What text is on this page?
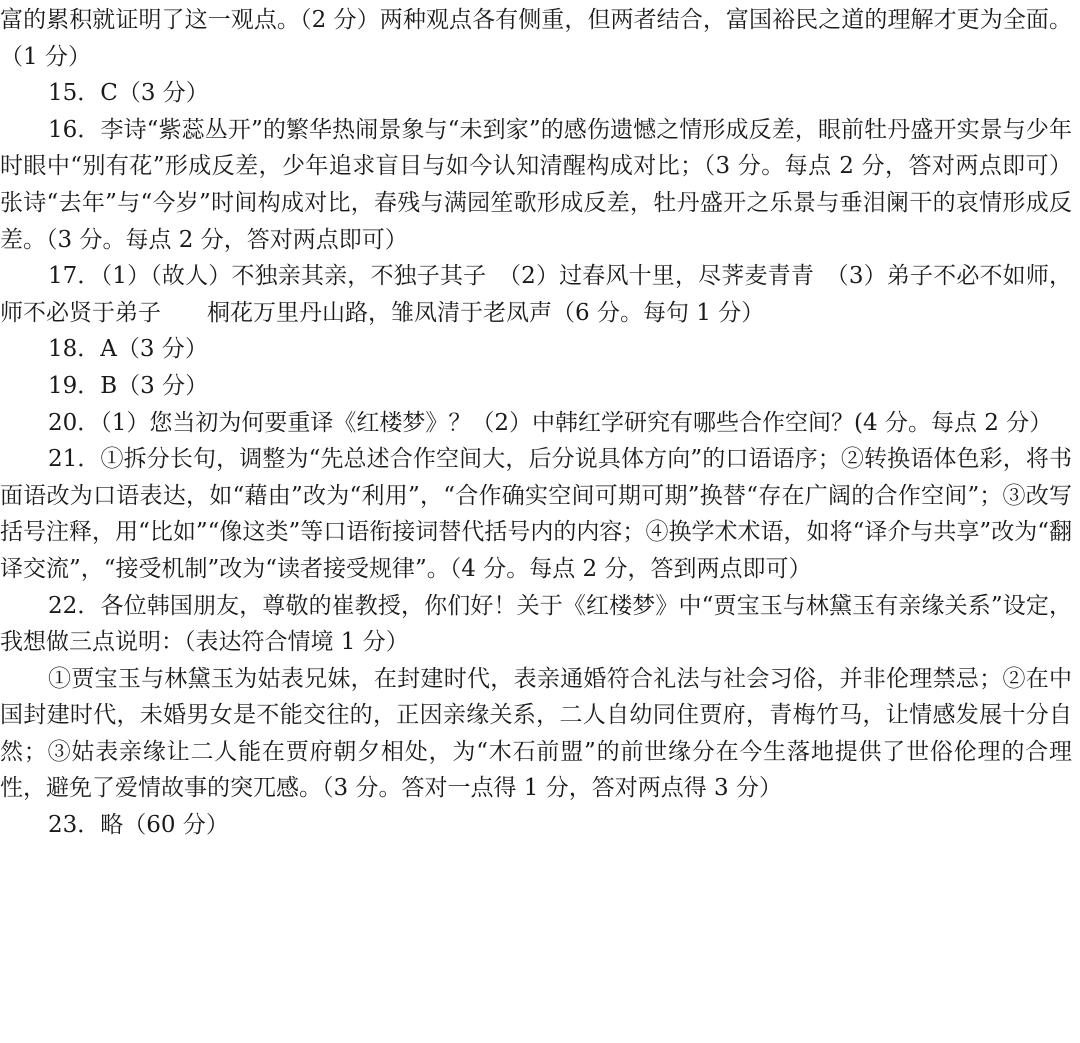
富的累积就证明了这一观点。（2 分）两种观点各有侧重，但两者结合，富国裕民之道的理解才更为全面。（1 分）

15．C（3 分）

16．李诗“紫蕊丛开”的繁华热闹景象与“未到家”的感伤遗憾之情形成反差，眼前牡丹盛开实景与少年时眼中“别有花”形成反差，少年追求盲目与如今认知清醒构成对比；（3 分。每点 2 分，答对两点即可）张诗“去年”与“今岁”时间构成对比，春残与满园笙歌形成反差，牡丹盛开之乐景与垂泪阑干的哀情形成反差。（3 分。每点 2 分，答对两点即可）

17．（1）（故人）不独亲其亲，不独子其子　（2）过春风十里，尽荠麦青青　（3）弟子不必不如师，师不必贤于弟子　　桐花万里丹山路，雏凤清于老凤声（6 分。每句 1 分）

18．A（3 分）

19．B（3 分）

20．（1）您当初为何要重译《红楼梦》？（2）中韩红学研究有哪些合作空间？(4 分。每点 2 分）

21．①拆分长句，调整为“先总述合作空间大，后分说具体方向”的口语语序；②转换语体色彩，将书面语改为口语表达，如“藉由”改为“利用”，“合作确实空间可期可期”换替“存在广阔的合作空间”；③改写括号注释，用“比如”“像这类”等口语衔接词替代括号内的内容；④换学术术语，如将“译介与共享”改为“翻译交流”，“接受机制”改为“读者接受规律”。（4 分。每点 2 分，答到两点即可）

22．各位韩国朋友，尊敬的崔教授，你们好！关于《红楼梦》中“贾宝玉与林黛玉有亲缘关系”设定，我想做三点说明：（表达符合情境 1 分）

①贾宝玉与林黛玉为姑表兄妹，在封建时代，表亲通婚符合礼法与社会习俗，并非伦理禁忌；②在中国封建时代，未婚男女是不能交往的，正因亲缘关系，二人自幼同住贾府，青梅竹马，让情感发展十分自然；③姑表亲缘让二人能在贾府朝夕相处，为“木石前盟”的前世缘分在今生落地提供了世俗伦理的合理性，避免了爱情故事的突兀感。（3 分。答对一点得 1 分，答对两点得 3 分）

23．略（60 分）
